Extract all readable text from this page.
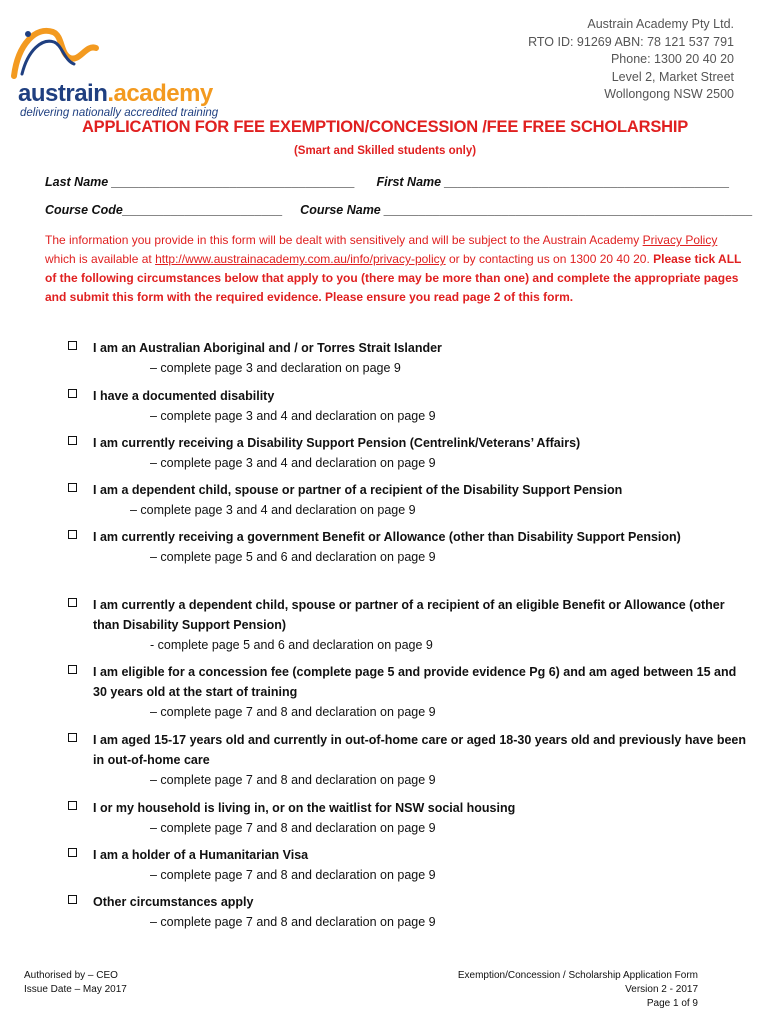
austrain.academy
delivering nationally accredited training
Austrain Academy Pty Ltd.
RTO ID: 91269 ABN: 78 121 537 791
Phone: 1300 20 40 20
Level 2, Market Street
Wollongong NSW 2500
APPLICATION FOR FEE EXEMPTION/CONCESSION /FEE FREE SCHOLARSHIP
(Smart and Skilled students only)
Last Name ___________________________________ First Name _________________________________________
Course Code_______________________ Course Name _____________________________________________________
The information you provide in this form will be dealt with sensitively and will be subject to the Austrain Academy Privacy Policy which is available at http://www.austrainacademy.com.au/info/privacy-policy or by contacting us on 1300 20 40 20. Please tick ALL of the following circumstances below that apply to you (there may be more than one) and complete the appropriate pages and submit this form with the required evidence. Please ensure you read page 2 of this form.
I am an Australian Aboriginal and / or Torres Strait Islander
– complete page 3 and declaration on page 9
I have a documented disability
– complete page 3 and 4 and declaration on page 9
I am currently receiving a Disability Support Pension (Centrelink/Veterans’ Affairs)
– complete page 3 and 4 and declaration on page 9
I am a dependent child, spouse or partner of a recipient of the Disability Support Pension
– complete page 3 and 4 and declaration on page 9
I am currently receiving a government Benefit or Allowance (other than Disability Support Pension)
– complete page 5 and 6 and declaration on page 9
I am currently a dependent child, spouse or partner of a recipient of an eligible Benefit or Allowance (other than Disability Support Pension)
- complete page 5 and 6 and declaration on page 9
I am eligible for a concession fee (complete page 5 and provide evidence Pg 6) and am aged between 15 and 30 years old at the start of training
– complete page 7 and 8 and declaration on page 9
I am aged 15-17 years old and currently in out-of-home care or aged 18-30 years old and previously have been in out-of-home care
– complete page 7 and 8 and declaration on page 9
I or my household is living in, or on the waitlist for NSW social housing
– complete page 7 and 8 and declaration on page 9
I am a holder of a Humanitarian Visa
– complete page 7 and 8 and declaration on page 9
Other circumstances apply
– complete page 7 and 8 and declaration on page 9
Authorised by – CEO
Issue Date – May 2017
Exemption/Concession / Scholarship Application Form
Version 2 - 2017
Page 1 of 9
